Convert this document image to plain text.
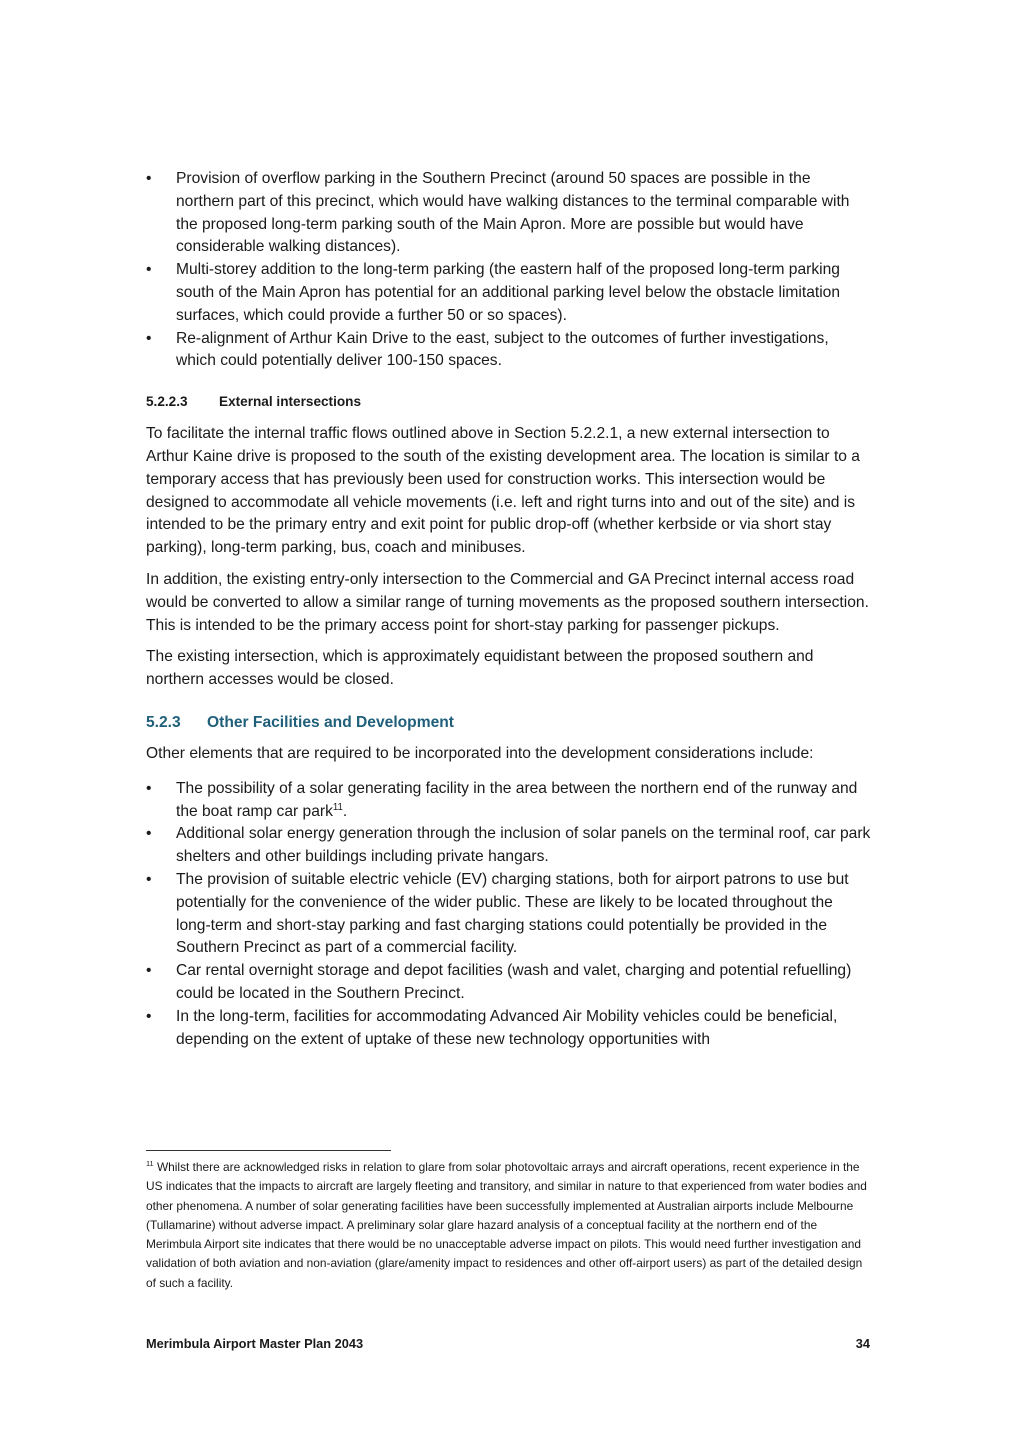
•	Provision of overflow parking in the Southern Precinct (around 50 spaces are possible in the northern part of this precinct, which would have walking distances to the terminal comparable with the proposed long-term parking south of the Main Apron. More are possible but would have considerable walking distances).
•	Multi-storey addition to the long-term parking (the eastern half of the proposed long-term parking south of the Main Apron has potential for an additional parking level below the obstacle limitation surfaces, which could provide a further 50 or so spaces).
•	Re-alignment of Arthur Kain Drive to the east, subject to the outcomes of further investigations, which could potentially deliver 100-150 spaces.
5.2.2.3	External intersections

To facilitate the internal traffic flows outlined above in Section 5.2.2.1, a new external intersection to Arthur Kaine drive is proposed to the south of the existing development area. The location is similar to a temporary access that has previously been used for construction works. This intersection would be designed to accommodate all vehicle movements (i.e. left and right turns into and out of the site) and is intended to be the primary entry and exit point for public drop-off (whether kerbside or via short stay parking), long-term parking, bus, coach and minibuses.

In addition, the existing entry-only intersection to the Commercial and GA Precinct internal access road would be converted to allow a similar range of turning movements as the proposed southern intersection. This is intended to be the primary access point for short-stay parking for passenger pickups.

The existing intersection, which is approximately equidistant between the proposed southern and northern accesses would be closed.

5.2.3	Other Facilities and Development

Other elements that are required to be incorporated into the development considerations include:

•	The possibility of a solar generating facility in the area between the northern end of the runway and the boat ramp car park$^{11}$.
•	Additional solar energy generation through the inclusion of solar panels on the terminal roof, car park shelters and other buildings including private hangars.
•	The provision of suitable electric vehicle (EV) charging stations, both for airport patrons to use but potentially for the convenience of the wider public. These are likely to be located throughout the long-term and short-stay parking and fast charging stations could potentially be provided in the Southern Precinct as part of a commercial facility.
•	Car rental overnight storage and depot facilities (wash and valet, charging and potential refuelling) could be located in the Southern Precinct.
•	In the long-term, facilities for accommodating Advanced Air Mobility vehicles could be beneficial, depending on the extent of uptake of these new technology opportunities with
$^{11}$ Whilst there are acknowledged risks in relation to glare from solar photovoltaic arrays and aircraft operations, recent experience in the US indicates that the impacts to aircraft are largely fleeting and transitory, and similar in nature to that experienced from water bodies and other phenomena. A number of solar generating facilities have been successfully implemented at Australian airports include Melbourne (Tullamarine) without adverse impact. A preliminary solar glare hazard analysis of a conceptual facility at the northern end of the Merimbula Airport site indicates that there would be no unacceptable adverse impact on pilots. This would need further investigation and validation of both aviation and non-aviation (glare/amenity impact to residences and other off-airport users) as part of the detailed design of such a facility.
Merimbula Airport Master Plan 2043	34
